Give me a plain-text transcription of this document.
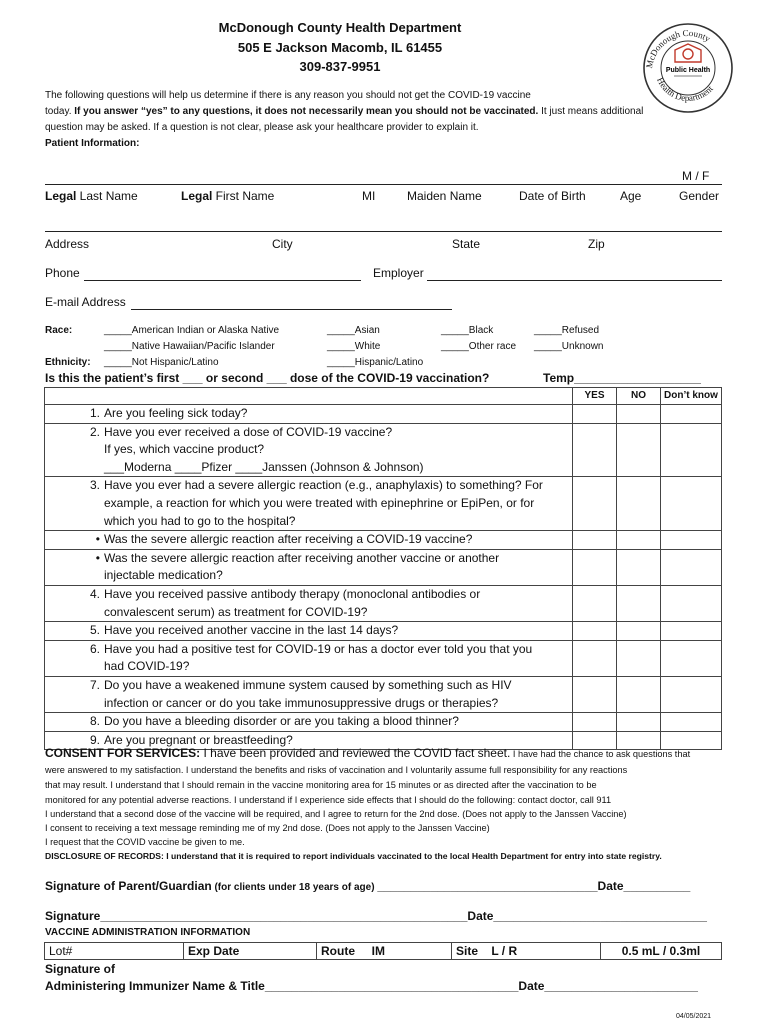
McDonough County Health Department
505 E Jackson Macomb, IL 61455
309-837-9951	Public Health
McDonough County
Health Department
The following questions will help us determine if there is any reason you should not get the COVID-19 vaccine
today. If you answer “yes” to any questions, it does not necessarily mean you should not be vaccinated. It just means additional
question may be asked. If a question is not clear, please ask your healthcare provider to explain it.
Patient Information:
M / F
Legal Last Name	Legal First Name	MI	Maiden Name	Date of Birth	Age	Gender
Address	City	State	Zip
Phone	Employer
E-mail Address
Race:	_____American Indian or Alaska Native	_____Asian	_____Black	_____Refused
_____Native Hawaiian/Pacific Islander	_____White	_____Other race _____Unknown
Ethnicity: _____Not Hispanic/Latino	_____Hispanic/Latino
Is this the patient’s first ___ or second ___ dose of the COVID-19 vaccination?	Temp___________________
	YES	NO	Don’t know

1. Are you feeling sick today?			

2. Have you ever received a dose of COVID-19 vaccine?
If yes, which vaccine product?
___Moderna ____Pfizer ____Janssen (Johnson & Johnson)			

3. Have you ever had a severe allergic reaction (e.g., anaphylaxis) to something? For
example, a reaction for which you were treated with epinephrine or EpiPen, or for
which you had to go to the hospital?			

• Was the severe allergic reaction after receiving a COVID-19 vaccine?			

• Was the severe allergic reaction after receiving another vaccine or another
injectable medication?			

4. Have you received passive antibody therapy (monoclonal antibodies or
convalescent serum) as treatment for COVID-19?			

5. Have you received another vaccine in the last 14 days?			

6. Have you had a positive test for COVID-19 or has a doctor ever told you that you
had COVID-19?			

7. Do you have a weakened immune system caused by something such as HIV
infection or cancer or do you take immunosuppressive drugs or therapies?			

8. Do you have a bleeding disorder or are you taking a blood thinner?			

9. Are you pregnant or breastfeeding?			

CONSENT FOR SERVICES: I have been provided and reviewed the COVID fact sheet. I have had the chance to ask questions that
were answered to my satisfaction. I understand the benefits and risks of vaccination and I voluntarily assume full responsibility for any reactions
that may result. I understand that I should remain in the vaccine monitoring area for 15 minutes or as directed after the vaccination to be
monitored for any potential adverse reactions. I understand if I experience side effects that I should do the following: contact doctor, call 911
I understand that a second dose of the vaccine will be required, and I agree to return for the 2nd dose. (Does not apply to the Janssen Vaccine)
I consent to receiving a text message reminding me of my 2nd dose. (Does not apply to the Janssen Vaccine)
I request that the COVID vaccine be given to me.
DISCLOSURE OF RECORDS: I understand that it is required to report individuals vaccinated to the local Health Department for entry into state registry.
Signature of Parent/Guardian (for clients under 18 years of age) _________________________________Date__________
Signature_______________________________________________________Date________________________________
VACCINE ADMINISTRATION INFORMATION
Lot#	Exp Date	Route IM	Site L / R	0.5 mL / 0.3ml
Signature of
Administering Immunizer Name & Title______________________________________Date_______________________
04/05/2021
